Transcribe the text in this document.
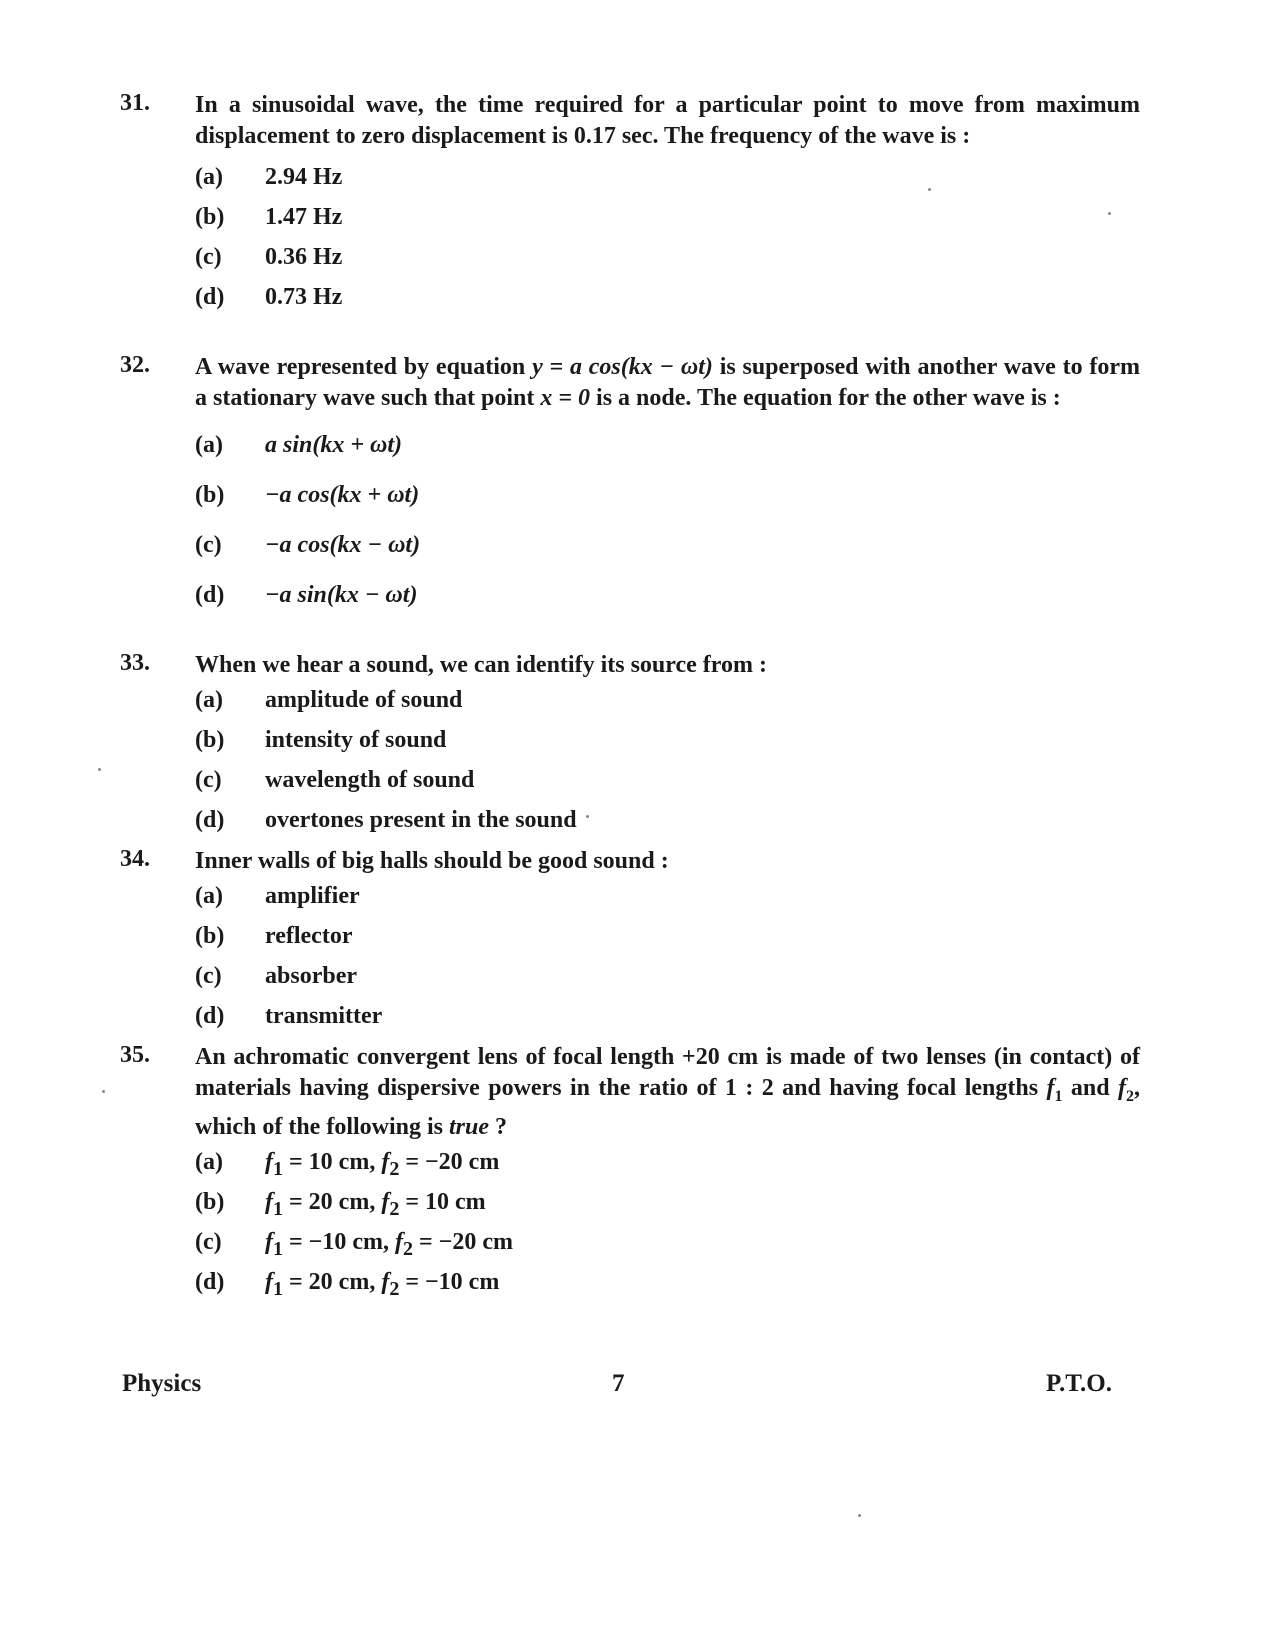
31. In a sinusoidal wave, the time required for a particular point to move from maximum displacement to zero displacement is 0.17 sec. The frequency of the wave is :
(a) 2.94 Hz
(b) 1.47 Hz
(c) 0.36 Hz
(d) 0.73 Hz
32. A wave represented by equation y = a cos(kx − ωt) is superposed with another wave to form a stationary wave such that point x = 0 is a node. The equation for the other wave is :
(a) a sin(kx + ωt)
(b) −a cos(kx + ωt)
(c) −a cos(kx − ωt)
(d) −a sin(kx − ωt)
33. When we hear a sound, we can identify its source from :
(a) amplitude of sound
(b) intensity of sound
(c) wavelength of sound
(d) overtones present in the sound
34. Inner walls of big halls should be good sound :
(a) amplifier
(b) reflector
(c) absorber
(d) transmitter
35. An achromatic convergent lens of focal length +20 cm is made of two lenses (in contact) of materials having dispersive powers in the ratio of 1 : 2 and having focal lengths $f_1$ and $f_2$, which of the following is true ?
(a) $f_1 = 10$ cm, $f_2 = -20$ cm
(b) $f_1 = 20$ cm, $f_2 = 10$ cm
(c) $f_1 = -10$ cm, $f_2 = -20$ cm
(d) $f_1 = 20$ cm, $f_2 = -10$ cm
Physics	7	P.T.O.
